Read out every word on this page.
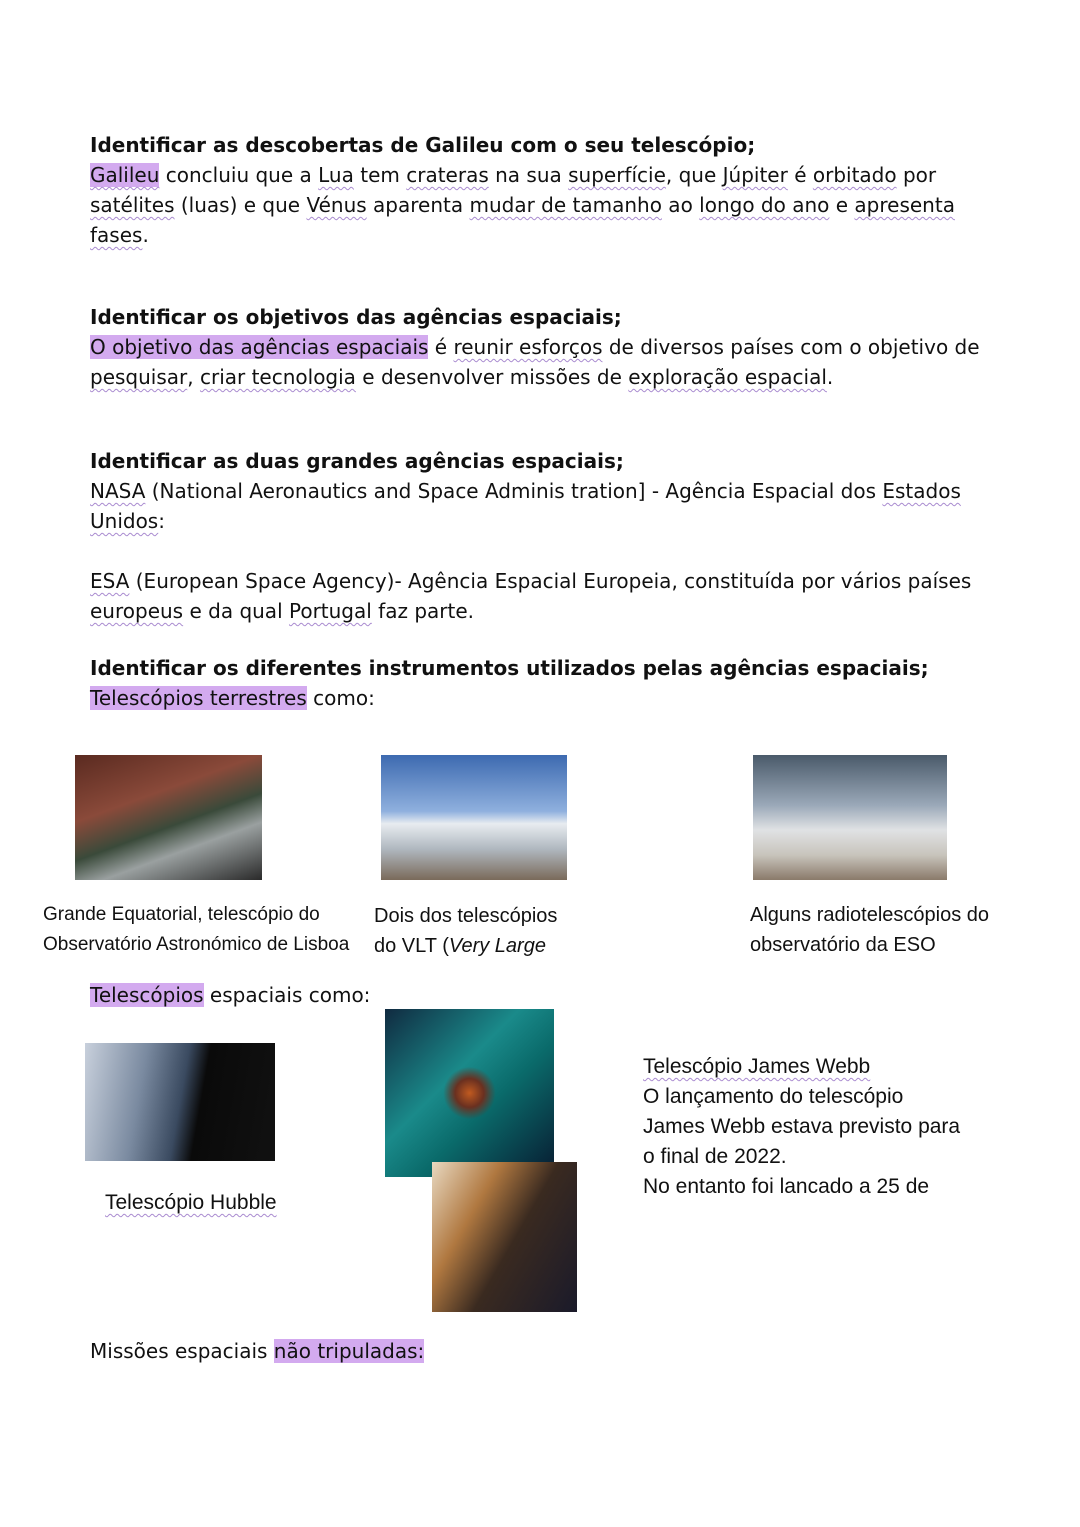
Identificar as descobertas de Galileu com o seu telescópio;
Galileu concluiu que a Lua tem crateras na sua superfície, que Júpiter é orbitado por satélites (luas) e que Vénus aparenta mudar de tamanho ao longo do ano e apresenta fases.
Identificar os objetivos das agências espaciais;
O objetivo das agências espaciais é reunir esforços de diversos países com o objetivo de pesquisar, criar tecnologia e desenvolver missões de exploração espacial.
Identificar as duas grandes agências espaciais;
NASA (National Aeronautics and Space Adminis tration] - Agência Espacial dos Estados Unidos:
ESA (European Space Agency)- Agência Espacial Europeia, constituída por vários países europeus e da qual Portugal faz parte.
Identificar os diferentes instrumentos utilizados pelas agências espaciais;
Telescópios terrestres como:
Grande Equatorial, telescópio do
Observatório Astronómico de Lisboa
Dois dos telescópios
do VLT (Very Large
Alguns radiotelescópios do
observatório da ESO
Telescópios espaciais como:
Telescópio Hubble
Telescópio James Webb
O lançamento do telescópio
James Webb estava previsto para
o final de 2022.
No entanto foi lancado a 25 de
Missões espaciais não tripuladas:
